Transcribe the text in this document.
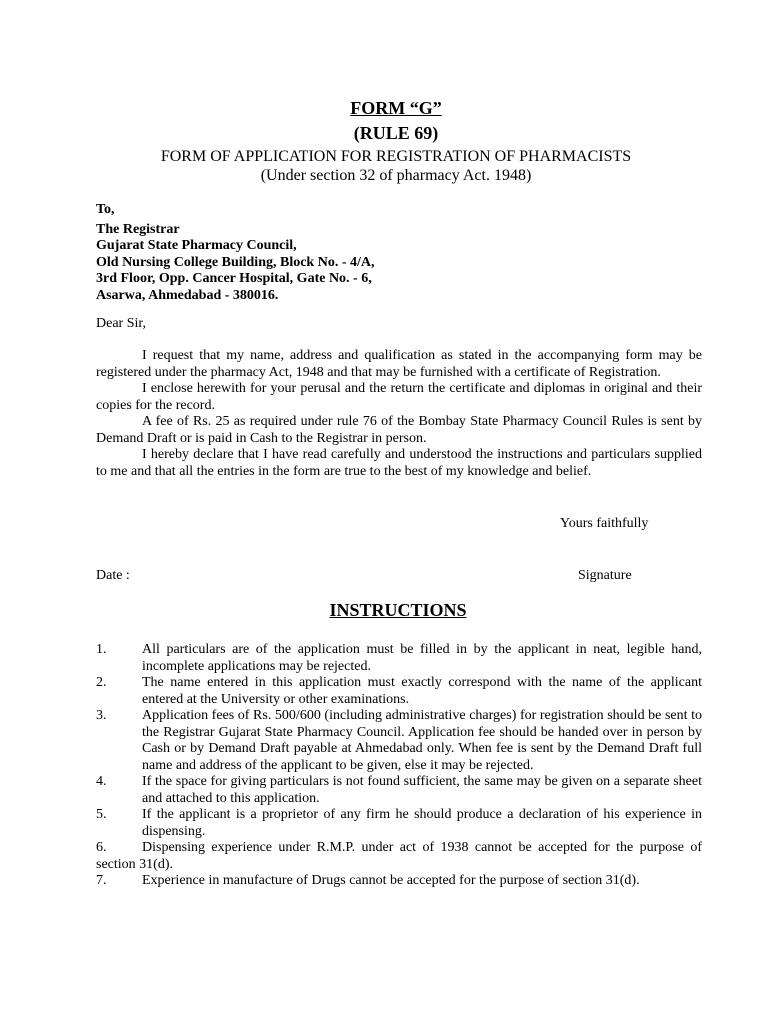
FORM “G”
(RULE 69)
FORM OF APPLICATION FOR REGISTRATION OF PHARMACISTS
(Under section 32 of pharmacy Act. 1948)
To,
The Registrar
Gujarat State Pharmacy Council,
Old Nursing College Building, Block No. - 4/A,
3rd Floor, Opp. Cancer Hospital, Gate No. - 6,
Asarwa, Ahmedabad - 380016.
Dear Sir,

I request that my name, address and qualification as stated in the accompanying form may be registered under the pharmacy Act, 1948 and that may be furnished with a certificate of Registration.

I enclose herewith for your perusal and the return the certificate and diplomas in original and their copies for the record.

A fee of Rs. 25 as required under rule 76 of the Bombay State Pharmacy Council Rules is sent by Demand Draft or is paid in Cash to the Registrar in person.

I hereby declare that I have read carefully and understood the instructions and particulars supplied to me and that all the entries in the form are true to the best of my knowledge and belief.

Yours faithfully
Date :	Signature
INSTRUCTIONS
1.	All particulars are of the application must be filled in by the applicant in neat, legible hand, incomplete applications may be rejected.
2.	The name entered in this application must exactly correspond with the name of the applicant entered at the University or other examinations.
3.	Application fees of Rs. 500/600 (including administrative charges) for registration should be sent to the Registrar Gujarat State Pharmacy Council. Application fee should be handed over in person by Cash or by Demand Draft payable at Ahmedabad only. When fee is sent by the Demand Draft full name and address of the applicant to be given, else it may be rejected.
4.	If the space for giving particulars is not found sufficient, the same may be given on a separate sheet and attached to this application.
5.	If the applicant is a proprietor of any firm he should produce a declaration of his experience in dispensing.
6.	Dispensing experience under R.M.P. under act of 1938 cannot be accepted for the purpose of section 31(d).
7.	Experience in manufacture of Drugs cannot be accepted for the purpose of section 31(d).
